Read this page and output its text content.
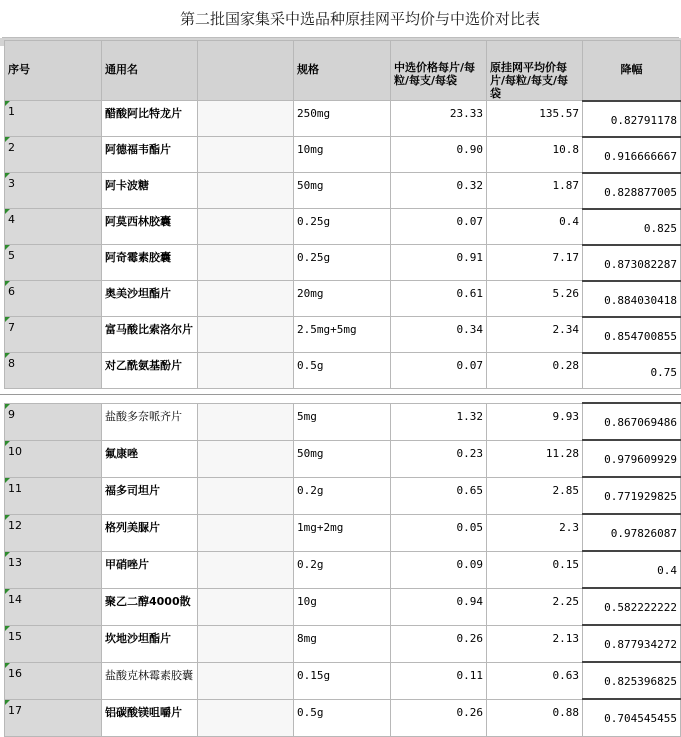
第二批国家集采中选品种原挂网平均价与中选价对比表
序号	通用名		规格	中选价格每片/每粒/每支/每袋	原挂网平均价每片/每粒/每支/每袋	降幅
1	醋酸阿比特龙片		250mg	23.33	135.57	0.82791178
2	阿德福韦酯片		10mg	0.90	10.8	0.916666667
3	阿卡波糖		50mg	0.32	1.87	0.828877005
4	阿莫西林胶囊		0.25g	0.07	0.4	0.825
5	阿奇霉素胶囊		0.25g	0.91	7.17	0.873082287
6	奥美沙坦酯片		20mg	0.61	5.26	0.884030418
7	富马酸比索洛尔片		2.5mg+5mg	0.34	2.34	0.854700855
8	对乙酰氨基酚片		0.5g	0.07	0.28	0.75
9	盐酸多奈哌齐片		5mg	1.32	9.93	0.867069486
10	氟康唑		50mg	0.23	11.28	0.979609929
11	福多司坦片		0.2g	0.65	2.85	0.771929825
12	格列美脲片		1mg+2mg	0.05	2.3	0.97826087
13	甲硝唑片		0.2g	0.09	0.15	0.4
14	聚乙二醇4000散		10g	0.94	2.25	0.582222222
15	坎地沙坦酯片		8mg	0.26	2.13	0.877934272
16	盐酸克林霉素胶囊		0.15g	0.11	0.63	0.825396825
17	铝碳酸镁咀嚼片		0.5g	0.26	0.88	0.704545455
